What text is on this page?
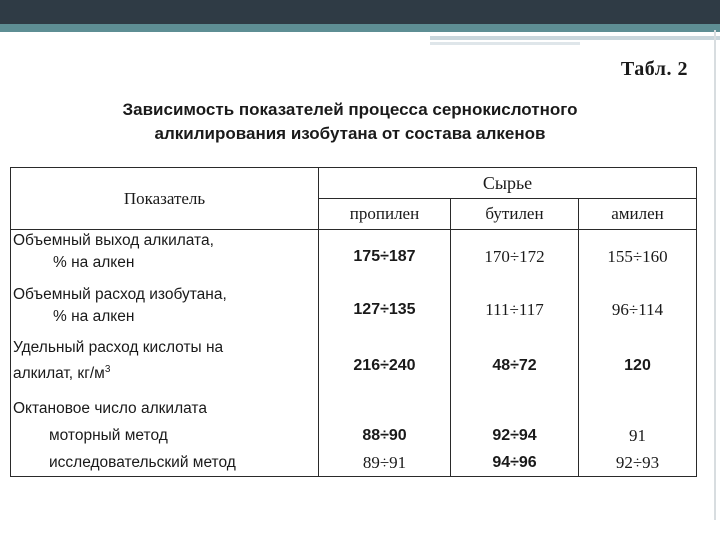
Табл. 2
Зависимость показателей процесса сернокислотного
алкилирования изобутана от состава алкенов
Показатель	Сырье		
	пропилен	бутилен	амилен
Объемный выход алкилата,
% на алкен	175÷187	170÷172	155÷160
Объемный расход изобутана,
% на алкен	127÷135	111÷117	96÷114
Удельный расход кислоты на
алкилат, $кг/м^3$	216÷240	48÷72	120
Октановое число алкилата			
моторный метод	88÷90	92÷94	91
исследовательский метод	89÷91	94÷96	92÷93
